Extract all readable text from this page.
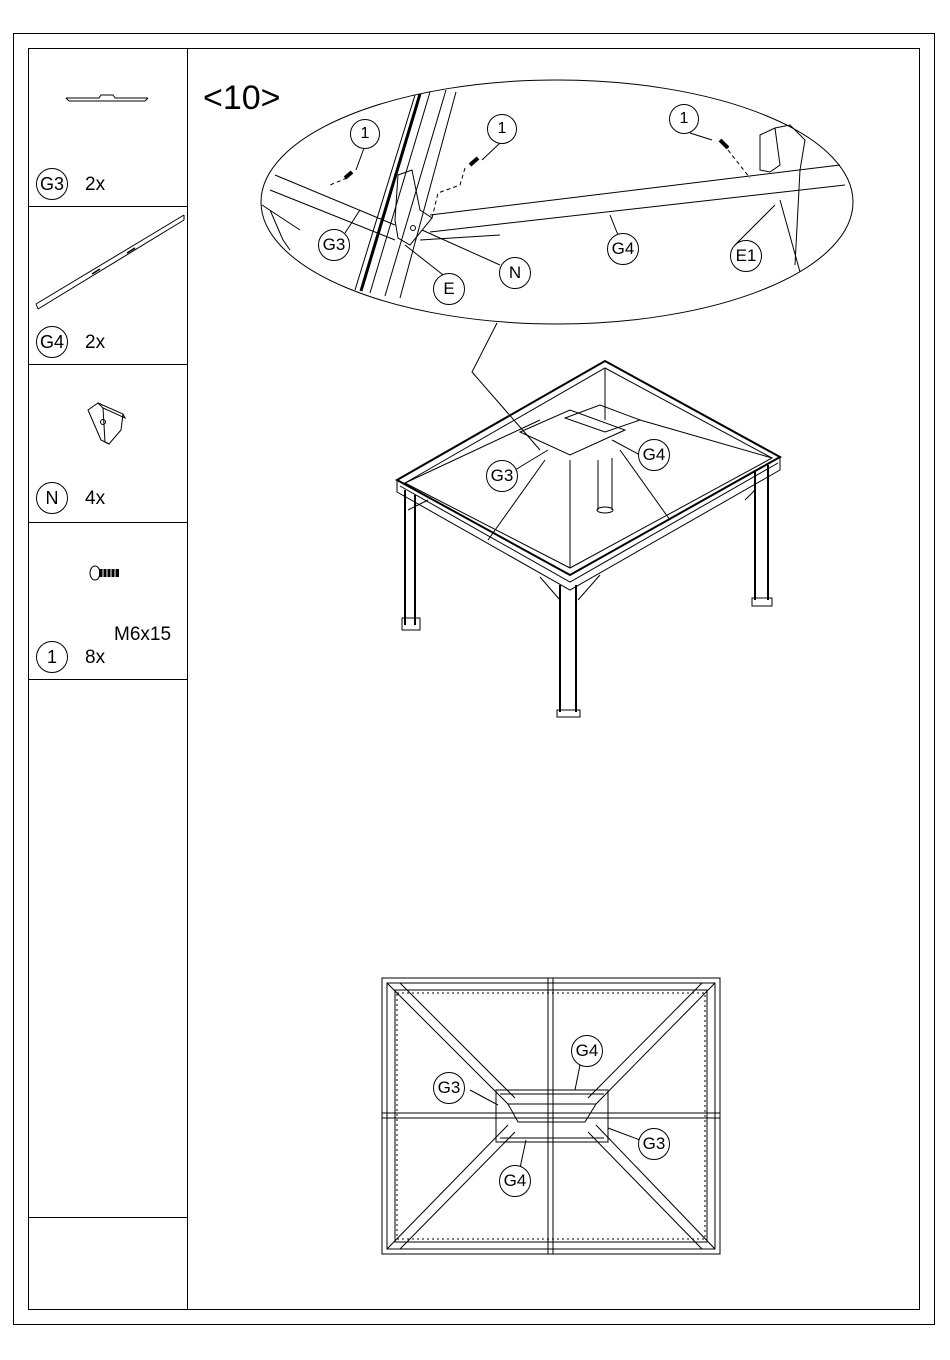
G3 2x
G4 2x
N	4x
M6x15
1	8x
<10>
1	1
1
G3
E
N
G4	E1
G3
G4
G4
G3
G3
G4
